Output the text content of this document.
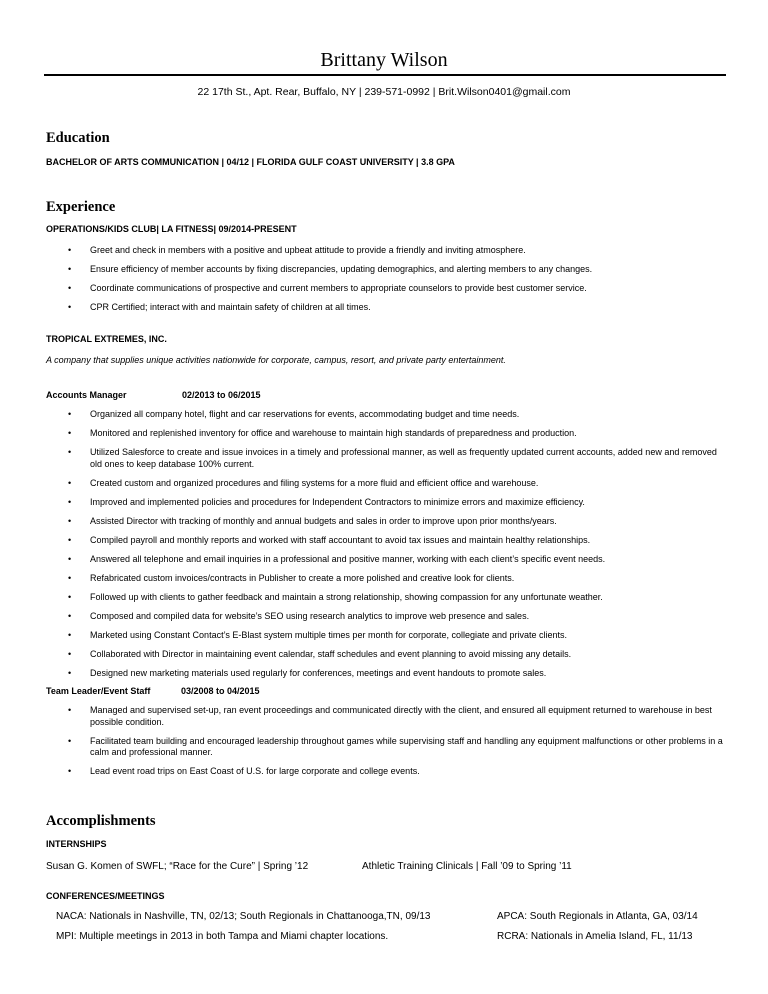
Brittany Wilson
22 17th St., Apt. Rear, Buffalo, NY | 239-571-0992 | Brit.Wilson0401@gmail.com
Education
BACHELOR OF ARTS COMMUNICATION | 04/12 | FLORIDA GULF COAST UNIVERSITY | 3.8 GPA
Experience
OPERATIONS/KIDS CLUB| LA FITNESS| 09/2014-PRESENT
• Greet and check in members with a positive and upbeat attitude to provide a friendly and inviting atmosphere.
• Ensure efficiency of member accounts by fixing discrepancies, updating demographics, and alerting members to any changes.
• Coordinate communications of prospective and current members to appropriate counselors to provide best customer service.
• CPR Certified; interact with and maintain safety of children at all times.
TROPICAL EXTREMES, INC.
A company that supplies unique activities nationwide for corporate, campus, resort, and private party entertainment.
Accounts Manager	02/2013 to 06/2015
• Organized all company hotel, flight and car reservations for events, accommodating budget and time needs.
• Monitored and replenished inventory for office and warehouse to maintain high standards of preparedness and production.
• Utilized Salesforce to create and issue invoices in a timely and professional manner, as well as frequently updated current accounts, added new and removed old ones to keep database 100% current.
• Created custom and organized procedures and filing systems for a more fluid and efficient office and warehouse.
• Improved and implemented policies and procedures for Independent Contractors to minimize errors and maximize efficiency.
• Assisted Director with tracking of monthly and annual budgets and sales in order to improve upon prior months/years.
• Compiled payroll and monthly reports and worked with staff accountant to avoid tax issues and maintain healthy relationships.
• Answered all telephone and email inquiries in a professional and positive manner, working with each client’s specific event needs.
• Refabricated custom invoices/contracts in Publisher to create a more polished and creative look for clients.
• Followed up with clients to gather feedback and maintain a strong relationship, showing compassion for any unfortunate weather.
• Composed and compiled data for website’s SEO using research analytics to improve web presence and sales.
• Marketed using Constant Contact’s E-Blast system multiple times per month for corporate, collegiate and private clients.
• Collaborated with Director in maintaining event calendar, staff schedules and event planning to avoid missing any details.
• Designed new marketing materials used regularly for conferences, meetings and event handouts to promote sales.
Team Leader/Event Staff	03/2008 to 04/2015
• Managed and supervised set-up, ran event proceedings and communicated directly with the client, and ensured all equipment returned to warehouse in best possible condition.
• Facilitated team building and encouraged leadership throughout games while supervising staff and handling any equipment malfunctions or other problems in a calm and professional manner.
• Lead event road trips on East Coast of U.S. for large corporate and college events.
Accomplishments
INTERNSHIPS
Susan G. Komen of SWFL; “Race for the Cure” | Spring ’12	Athletic Training Clinicals | Fall ’09 to Spring ’11
CONFERENCES/MEETINGS
NACA: Nationals in Nashville, TN, 02/13; South Regionals in Chattanooga,TN, 09/13	APCA: South Regionals in Atlanta, GA, 03/14
MPI: Multiple meetings in 2013 in both Tampa and Miami chapter locations.	RCRA: Nationals in Amelia Island, FL, 11/13
